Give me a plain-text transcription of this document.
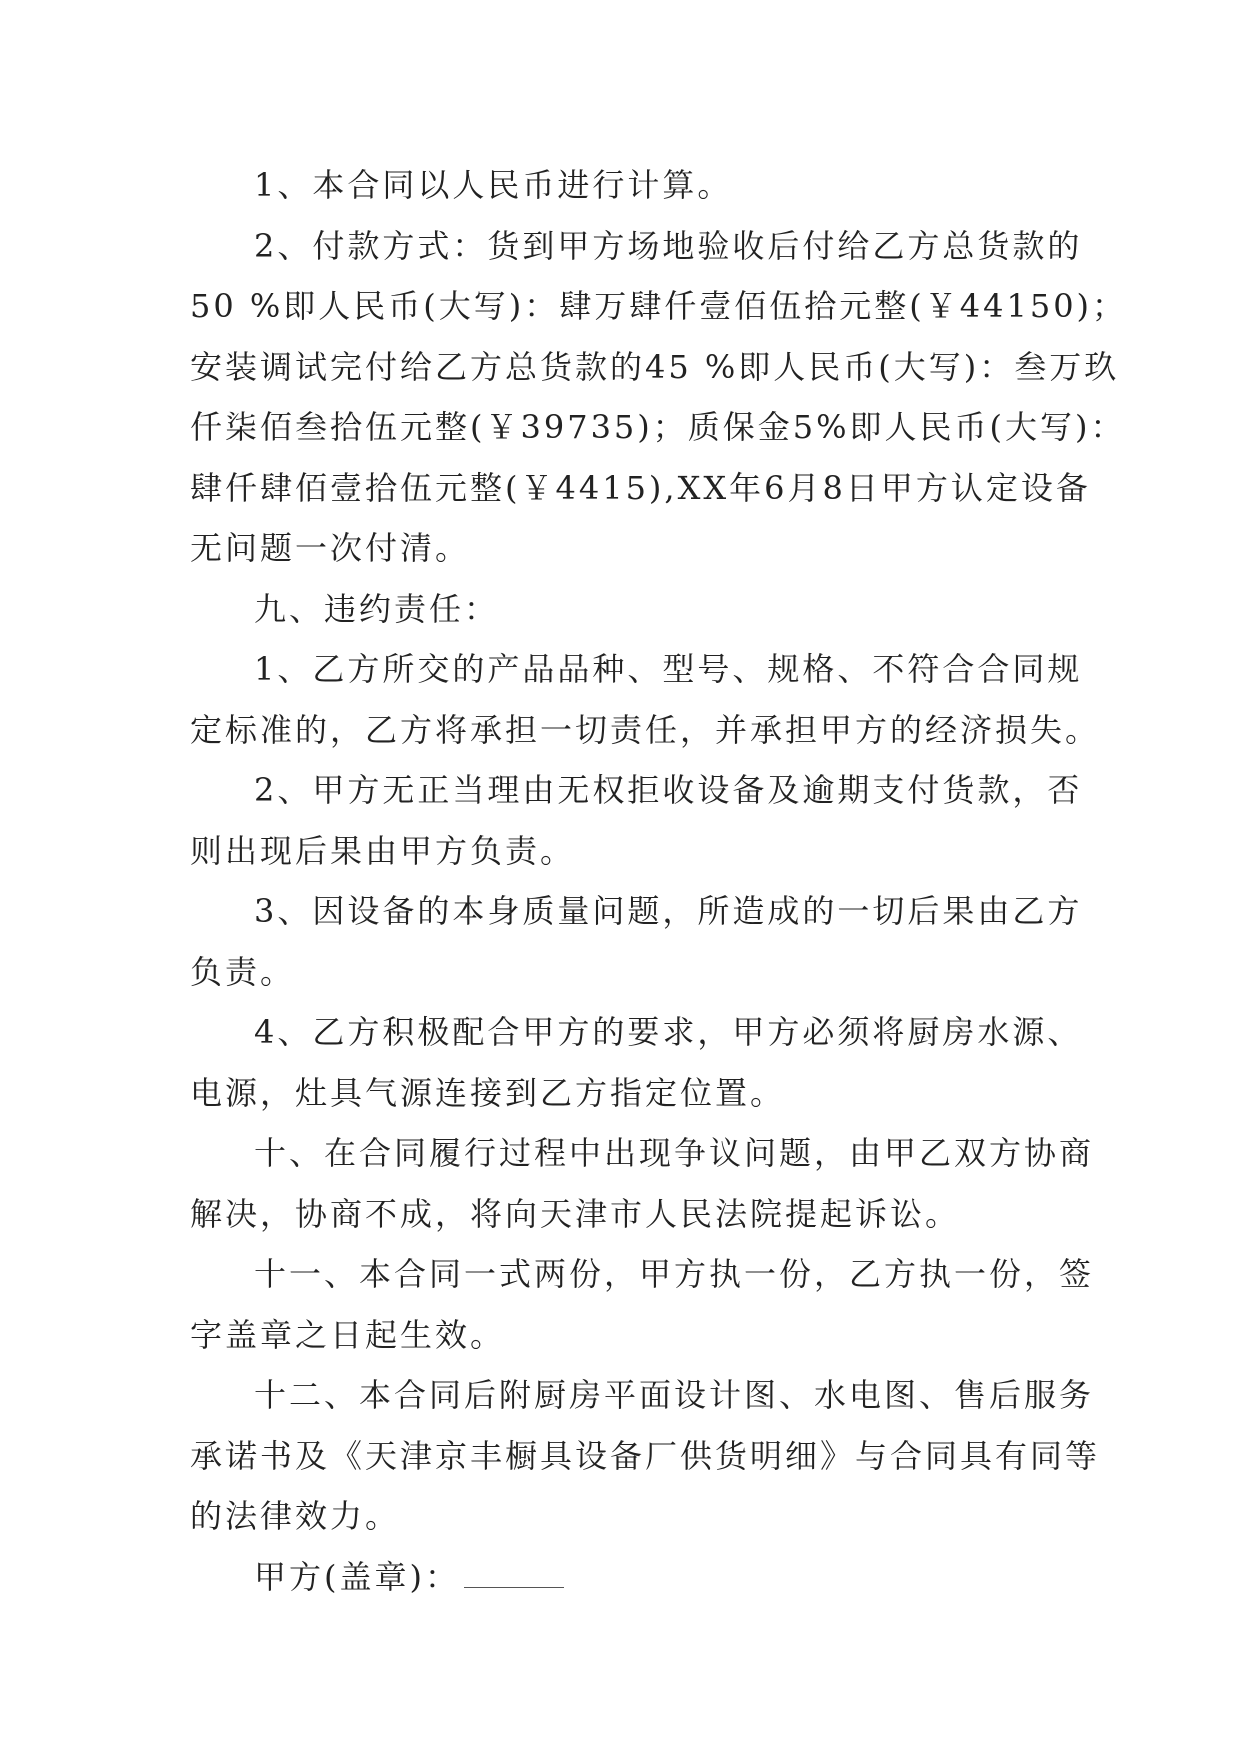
1、本合同以人民币进行计算。

2、付款方式：货到甲方场地验收后付给乙方总货款的
50 %即人民币(大写)：肆万肆仟壹佰伍拾元整(￥44150)；
安装调试完付给乙方总货款的45 %即人民币(大写)：叁万玖
仟柒佰叁拾伍元整(￥39735)；质保金5%即人民币(大写)：
肆仟肆佰壹拾伍元整(￥4415),XX年6月8日甲方认定设备
无问题一次付清。

九、违约责任：

1、乙方所交的产品品种、型号、规格、不符合合同规
定标准的，乙方将承担一切责任，并承担甲方的经济损失。

2、甲方无正当理由无权拒收设备及逾期支付货款，否
则出现后果由甲方负责。

3、因设备的本身质量问题，所造成的一切后果由乙方
负责。

4、乙方积极配合甲方的要求，甲方必须将厨房水源、
电源，灶具气源连接到乙方指定位置。

十、在合同履行过程中出现争议问题，由甲乙双方协商
解决，协商不成，将向天津市人民法院提起诉讼。

十一、本合同一式两份，甲方执一份，乙方执一份，签
字盖章之日起生效。

十二、本合同后附厨房平面设计图、水电图、售后服务
承诺书及《天津京丰橱具设备厂供货明细》与合同具有同等
的法律效力。

甲方(盖章)：
